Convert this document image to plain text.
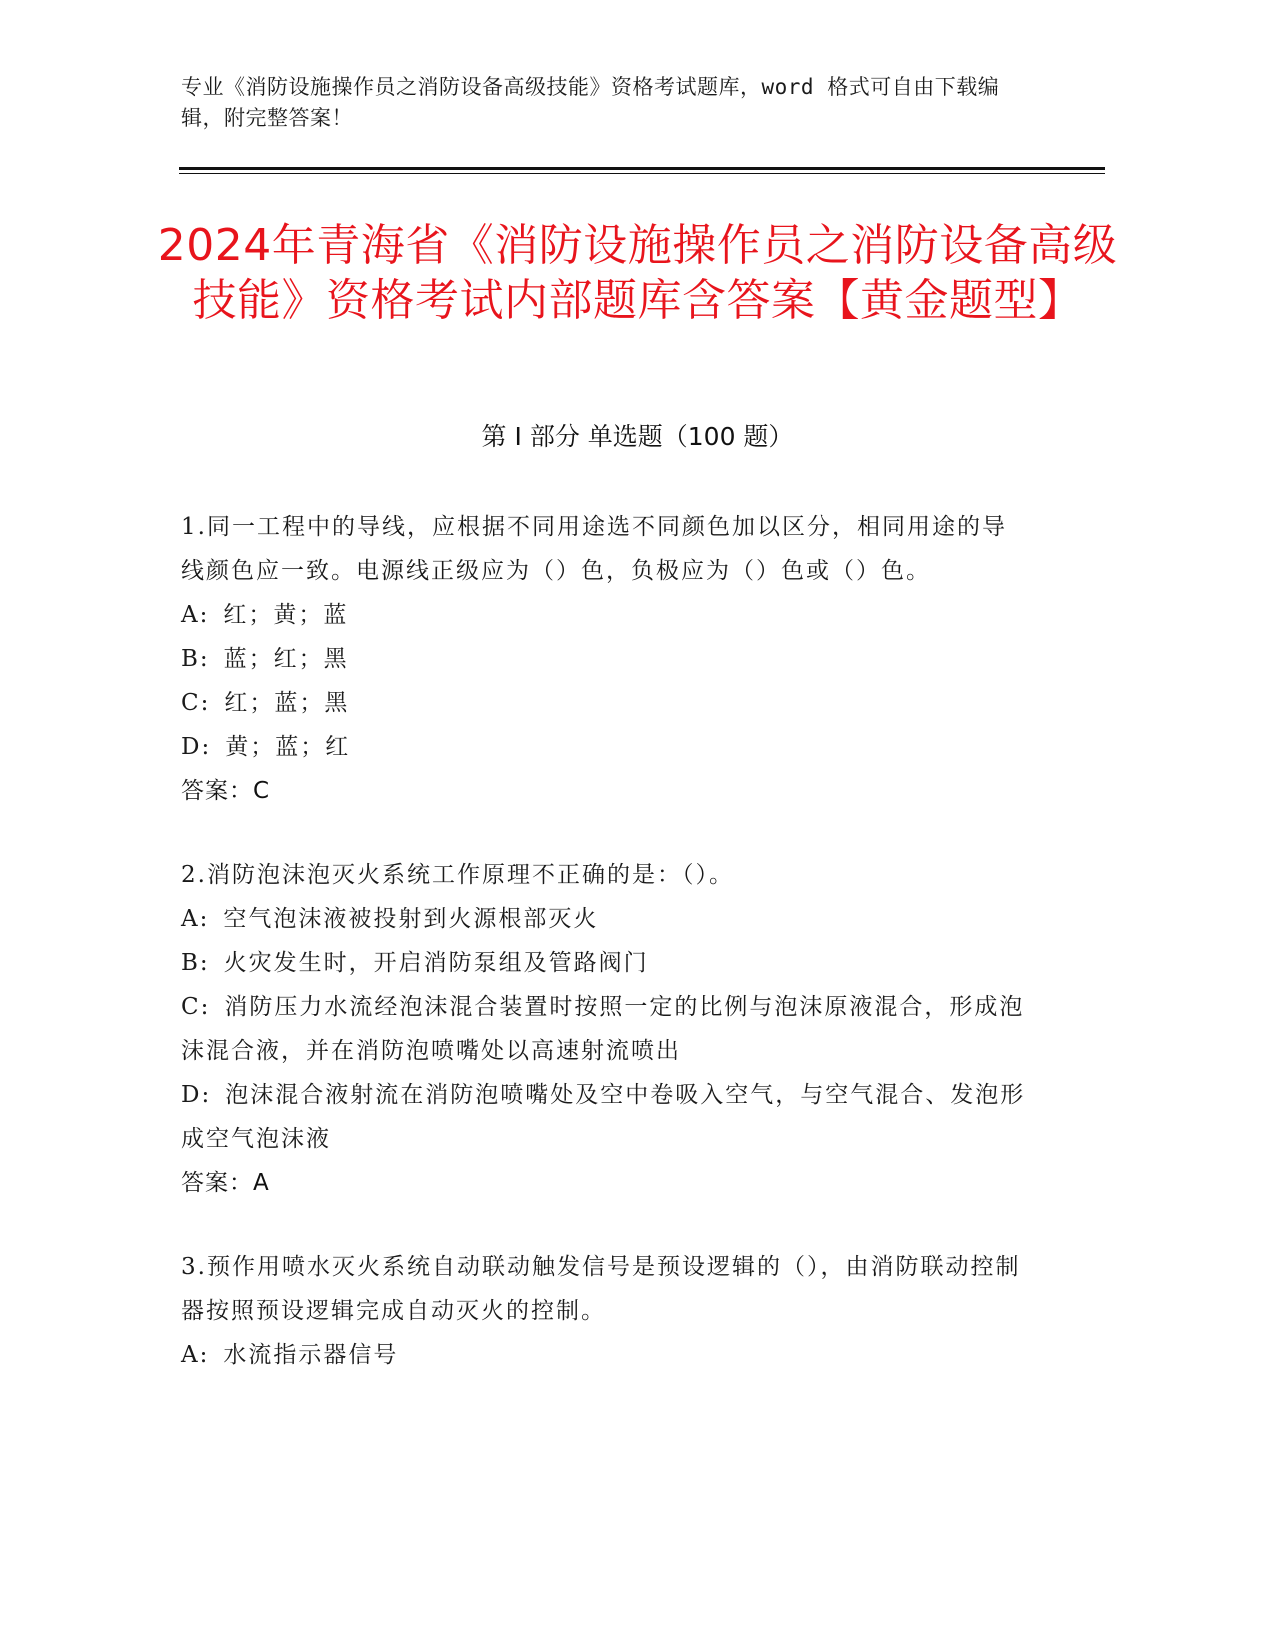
专业《消防设施操作员之消防设备高级技能》资格考试题库，word 格式可自由下载编辑，附完整答案！
2024年青海省《消防设施操作员之消防设备高级技能》资格考试内部题库含答案【黄金题型】
第 I 部分 单选题（100 题）
1.同一工程中的导线，应根据不同用途选不同颜色加以区分，相同用途的导线颜色应一致。电源线正级应为（）色，负极应为（）色或（）色。
A: 红；黄；蓝
B: 蓝；红；黑
C: 红；蓝；黑
D: 黄；蓝；红
答案：C
2.消防泡沫泡灭火系统工作原理不正确的是：（）。
A: 空气泡沫液被投射到火源根部灭火
B: 火灾发生时，开启消防泵组及管路阀门
C: 消防压力水流经泡沫混合装置时按照一定的比例与泡沫原液混合，形成泡沫混合液，并在消防泡喷嘴处以高速射流喷出
D: 泡沫混合液射流在消防泡喷嘴处及空中卷吸入空气，与空气混合、发泡形成空气泡沫液
答案：A
3.预作用喷水灭火系统自动联动触发信号是预设逻辑的（），由消防联动控制器按照预设逻辑完成自动灭火的控制。
A: 水流指示器信号
